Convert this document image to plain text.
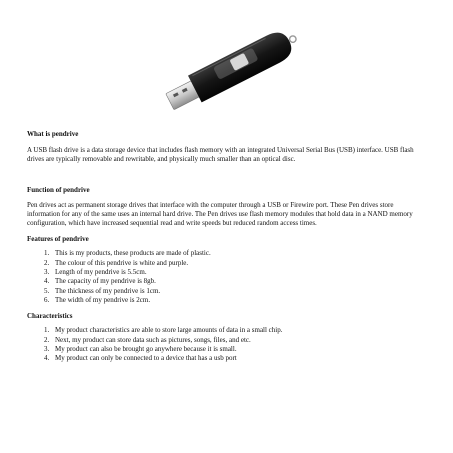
What is pendrive

A USB flash drive is a data storage device that includes flash memory with an integrated Universal Serial Bus (USB) interface. USB flash drives are typically removable and rewritable, and physically much smaller than an optical disc.

Function of pendrive

Pen drives act as permanent storage drives that interface with the computer through a USB or Firewire port. These Pen drives store information for any of the same uses an internal hard drive. The Pen drives use flash memory modules that hold data in a NAND memory configuration, which have increased sequential read and write speeds but reduced random access times.

Features of pendrive
1. This is my products, these products are made of plastic.
2. The colour of this pendrive is white and purple.
3. Length of my pendrive is 5.5cm.
4. The capacity of my pendrive is 8gb.
5. The thickness of my pendrive is 1cm.
6. The width of my pendrive is 2cm.
Characteristics
1. My product characteristics are able to store large amounts of data in a small chip.
2. Next, my product can store data such as pictures, songs, files, and etc.
3. My product can also be brought go anywhere because it is small.
4. My product can only be connected to a device that has a usb port
